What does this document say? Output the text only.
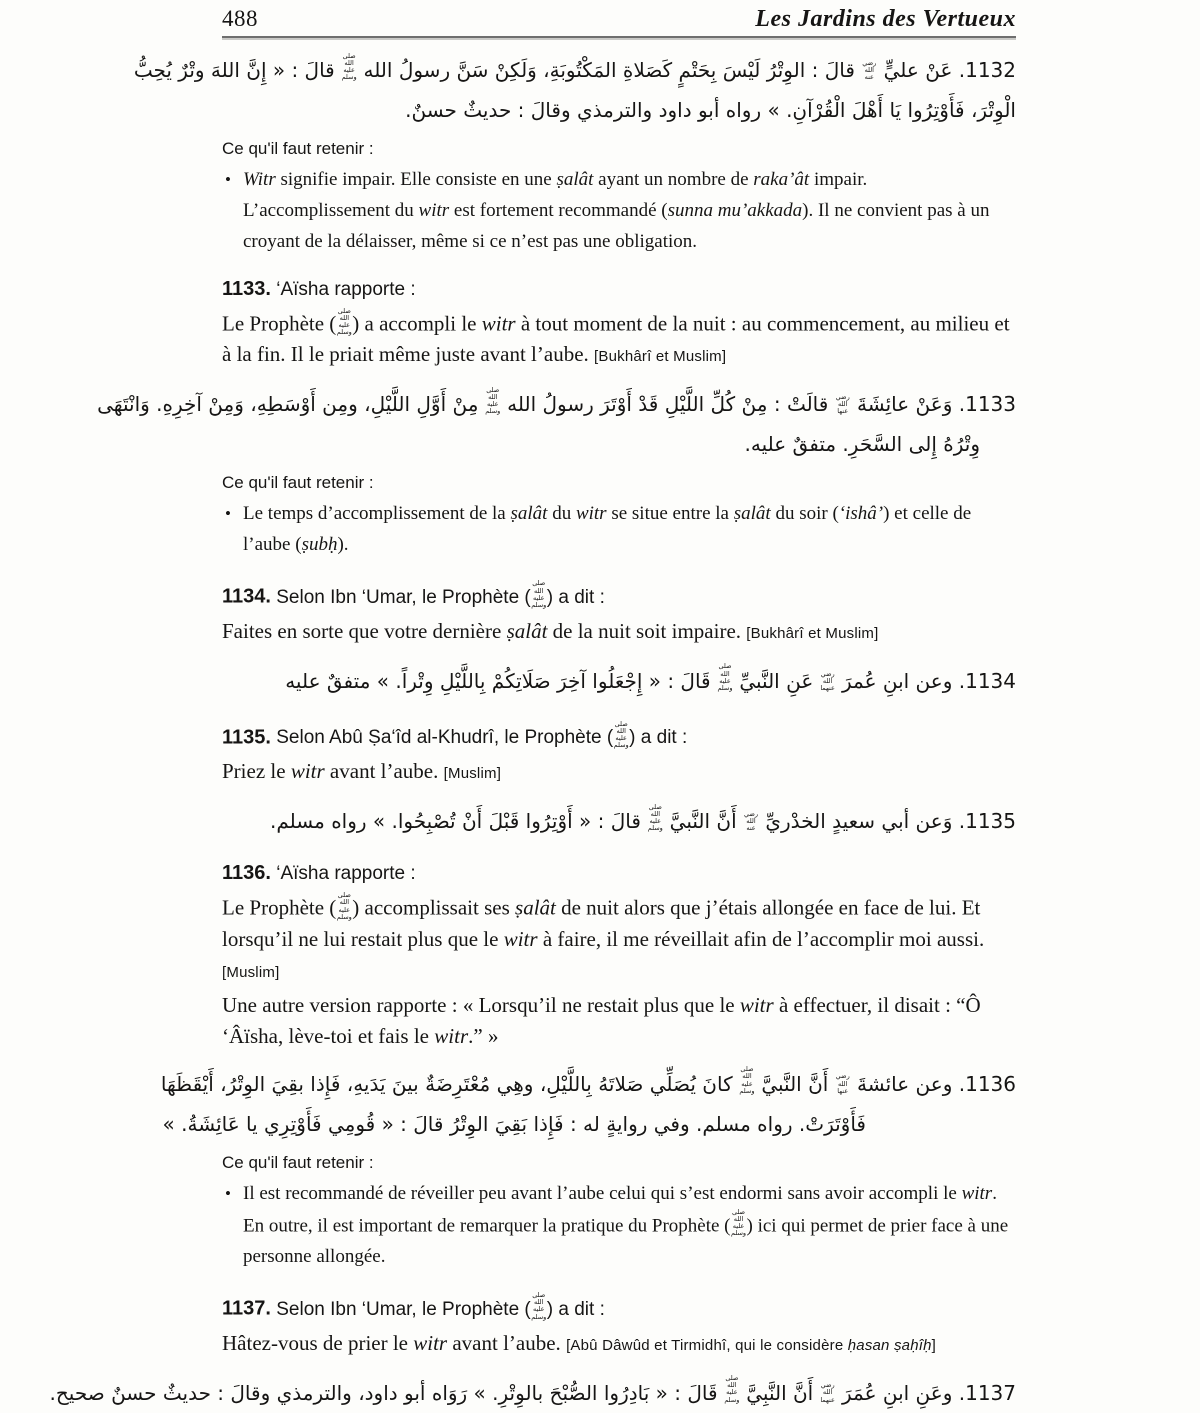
488	Les Jardins des Vertueux
1132. عَنْ عليٍّ رضي الله عنه قالَ : الوِتْرُ لَيْسَ بِحَتْمٍ كَصَلاةِ المَكْتُوبَةِ، وَلَكِنْ سَنَّ رسولُ الله صلى الله عليه وسلم قالَ : « إِنَّ اللهَ وتْرٌ يُحِبُّ
الْوِتْرَ، فَأَوْتِرُوا يَا أَهْلَ الْقُرْآنِ. » رواه أبو داود والترمذي وقالَ : حديثٌ حسنٌ.
Ce qu'il faut retenir :
• Witr signifie impair. Elle consiste en une ṣalât ayant un nombre de raka’ât impair. L’accomplissement du witr est fortement recommandé (sunna mu’akkada). Il ne convient pas à un croyant de la délaisser, même si ce n’est pas une obligation.
1133. ‘Aïsha rapporte :

Le Prophète (صلى الله عليه وسلم) a accompli le witr à tout moment de la nuit : au commencement, au milieu et à la fin. Il le priait même juste avant l’aube. [Bukhârî et Muslim]

1133. وَعَنْ عائِشَةَ رضي الله عنها قالَتْ : مِنْ كُلِّ اللَّيْلِ قَدْ أَوْتَرَ رسولُ الله صلى الله عليه وسلم مِنْ أَوَّلِ اللَّيْلِ، ومِن أَوْسَطِهِ، وَمِنْ آخِرِهِ. وَانْتَهَى
وِتْرُهُ إِلى السَّحَرِ. متفقٌ عليه.
Ce qu'il faut retenir :
• Le temps d’accomplissement de la ṣalât du witr se situe entre la ṣalât du soir (‘ishâ’) et celle de l’aube (ṣubḥ).
1134. Selon Ibn ‘Umar, le Prophète (صلى الله عليه وسلم) a dit :

Faites en sorte que votre dernière ṣalât de la nuit soit impaire. [Bukhârî et Muslim]

1134. وعن ابنِ عُمرَ رضي الله عنهما عَنِ النَّبيِّ صلى الله عليه وسلم قَالَ : « إِجْعَلُوا آخِرَ صَلَاتِكُمْ بِاللَّيْلِ وِتْراً. » متفقٌ عليه
1135. Selon Abû Ṣa‘îd al-Khudrî, le Prophète (صلى الله عليه وسلم) a dit :

Priez le witr avant l’aube. [Muslim]

1135. وَعن أبي سعيدٍ الخدْريِّ رضي الله عنه أَنَّ النَّبيَّ صلى الله عليه وسلم قالَ : « أَوْتِرُوا قَبْلَ أَنْ تُصْبِحُوا. » رواه مسلم.
1136. ‘Aïsha rapporte :

Le Prophète (صلى الله عليه وسلم) accomplissait ses ṣalât de nuit alors que j’étais allongée en face de lui. Et lorsqu’il ne lui restait plus que le witr à faire, il me réveillait afin de l’accomplir moi aussi. [Muslim]

Une autre version rapporte : « Lorsqu’il ne restait plus que le witr à effectuer, il disait : “Ô ‘Âïsha, lève-toi et fais le witr.” »

1136. وعن عائشةَ رضي الله عنها أَنَّ النَّبيَّ صلى الله عليه وسلم كانَ يُصَلِّي صَلاتَهُ بِاللَّيْلِ، وهِي مُعْتَرِضَةٌ بينَ يَدَيهِ، فَإِذا بقِيَ الوِتْرُ، أَيْقَظَهَا
فَأَوْتَرَتْ. رواه مسلم. وفي روايةٍ له : فَإِذا بَقِيَ الوِتْرُ قالَ : « قُومِي فَأَوْتِرِي يا عَائِشَةُ. »
Ce qu'il faut retenir :
• Il est recommandé de réveiller peu avant l’aube celui qui s’est endormi sans avoir accompli le witr. En outre, il est important de remarquer la pratique du Prophète (صلى الله عليه وسلم) ici qui permet de prier face à une personne allongée.
1137. Selon Ibn ‘Umar, le Prophète (صلى الله عليه وسلم) a dit :

Hâtez-vous de prier le witr avant l’aube. [Abû Dâwûd et Tirmidhî, qui le considère ḥasan ṣaḥîḥ]

1137. وعَنِ ابنِ عُمَرَ رضي الله عنهما أَنَّ النَّبِيَّ صلى الله عليه وسلم قَالَ : « بَادِرُوا الصُّبْحَ بالوِتْرِ. » رَوَاه أبو داود، والترمذي وقالَ : حديثٌ حسنٌ صحيح.
